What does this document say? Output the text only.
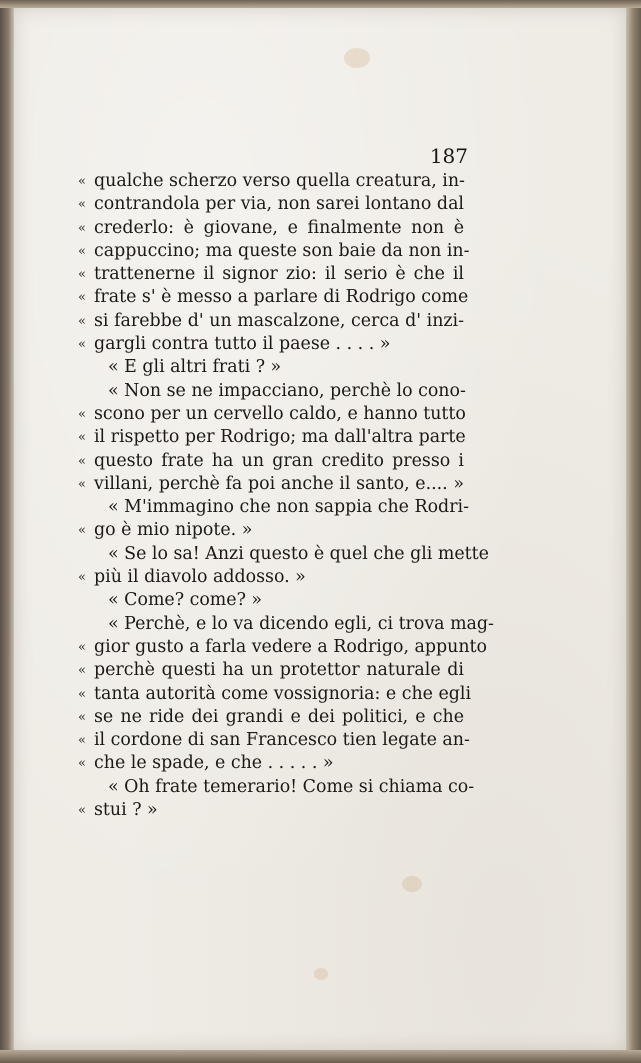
187
« qualche scherzo verso quella creatura, in-
« contrandola per via, non sarei lontano dal
« crederlo: è giovane, e finalmente non è
« cappuccino; ma queste son baie da non in-
« trattenerne il signor zio: il serio è che il
« frate s' è messo a parlare di Rodrigo come
« si farebbe d' un mascalzone, cerca d' inzi-
« gargli contra tutto il paese . . . . »
« E gli altri frati ? »
« Non se ne impacciano, perchè lo cono-
« scono per un cervello caldo, e hanno tutto
« il rispetto per Rodrigo; ma dall'altra parte
« questo frate ha un gran credito presso i
« villani, perchè fa poi anche il santo, e.... »
« M'immagino che non sappia che Rodri-
« go è mio nipote. »
« Se lo sa! Anzi questo è quel che gli mette
« più il diavolo addosso. »
« Come? come? »
« Perchè, e lo va dicendo egli, ci trova mag-
« gior gusto a farla vedere a Rodrigo, appunto
« perchè questi ha un protettor naturale di
« tanta autorità come vossignoria: e che egli
« se ne ride dei grandi e dei politici, e che
« il cordone di san Francesco tien legate an-
« che le spade, e che . . . . . »
« Oh frate temerario! Come si chiama co-
« stui ? »
